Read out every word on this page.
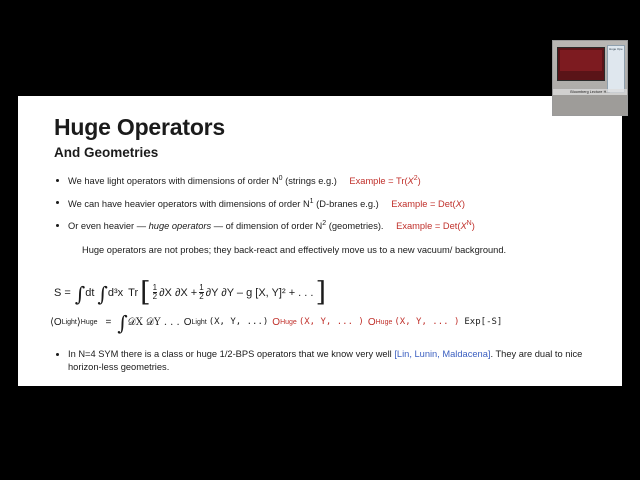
Huge Operators
And Geometries
We have light operators with dimensions of order $N^0$ (strings e.g.) Example = $Tr(X^2)$
We can have heavier operators with dimensions of order $N^1$ (D-branes e.g.) Example = Det(X)
Or even heavier — huge operators — of dimension of order $N^2$ (geometries). Example = $Det(X^N)$
Huge operators are not probes; they back-react and effectively move us to a new vacuum/ background.
S = ∫ dt ∫ d³x Tr [ $\frac{1}{2} \partial X$ $\partial X + \frac{1}{2} \partial Y$ ∂Y – g [X, Y]² + . . . ]
⟨O Light ⟩ Huge = ∫ 𝒟X 𝒟Y . . . O Light (X, Y, ...) O Huge (X, Y, ... ) O Huge (X, Y, ... ) Exp[-S]
In N=4 SYM there is a class or huge 1/2-BPS operators that we know very well [Lin, Lunin, Maldacena]. They are dual to nice horizon-less geometries.
Huge Ope
Bloomberg Lecture H...
